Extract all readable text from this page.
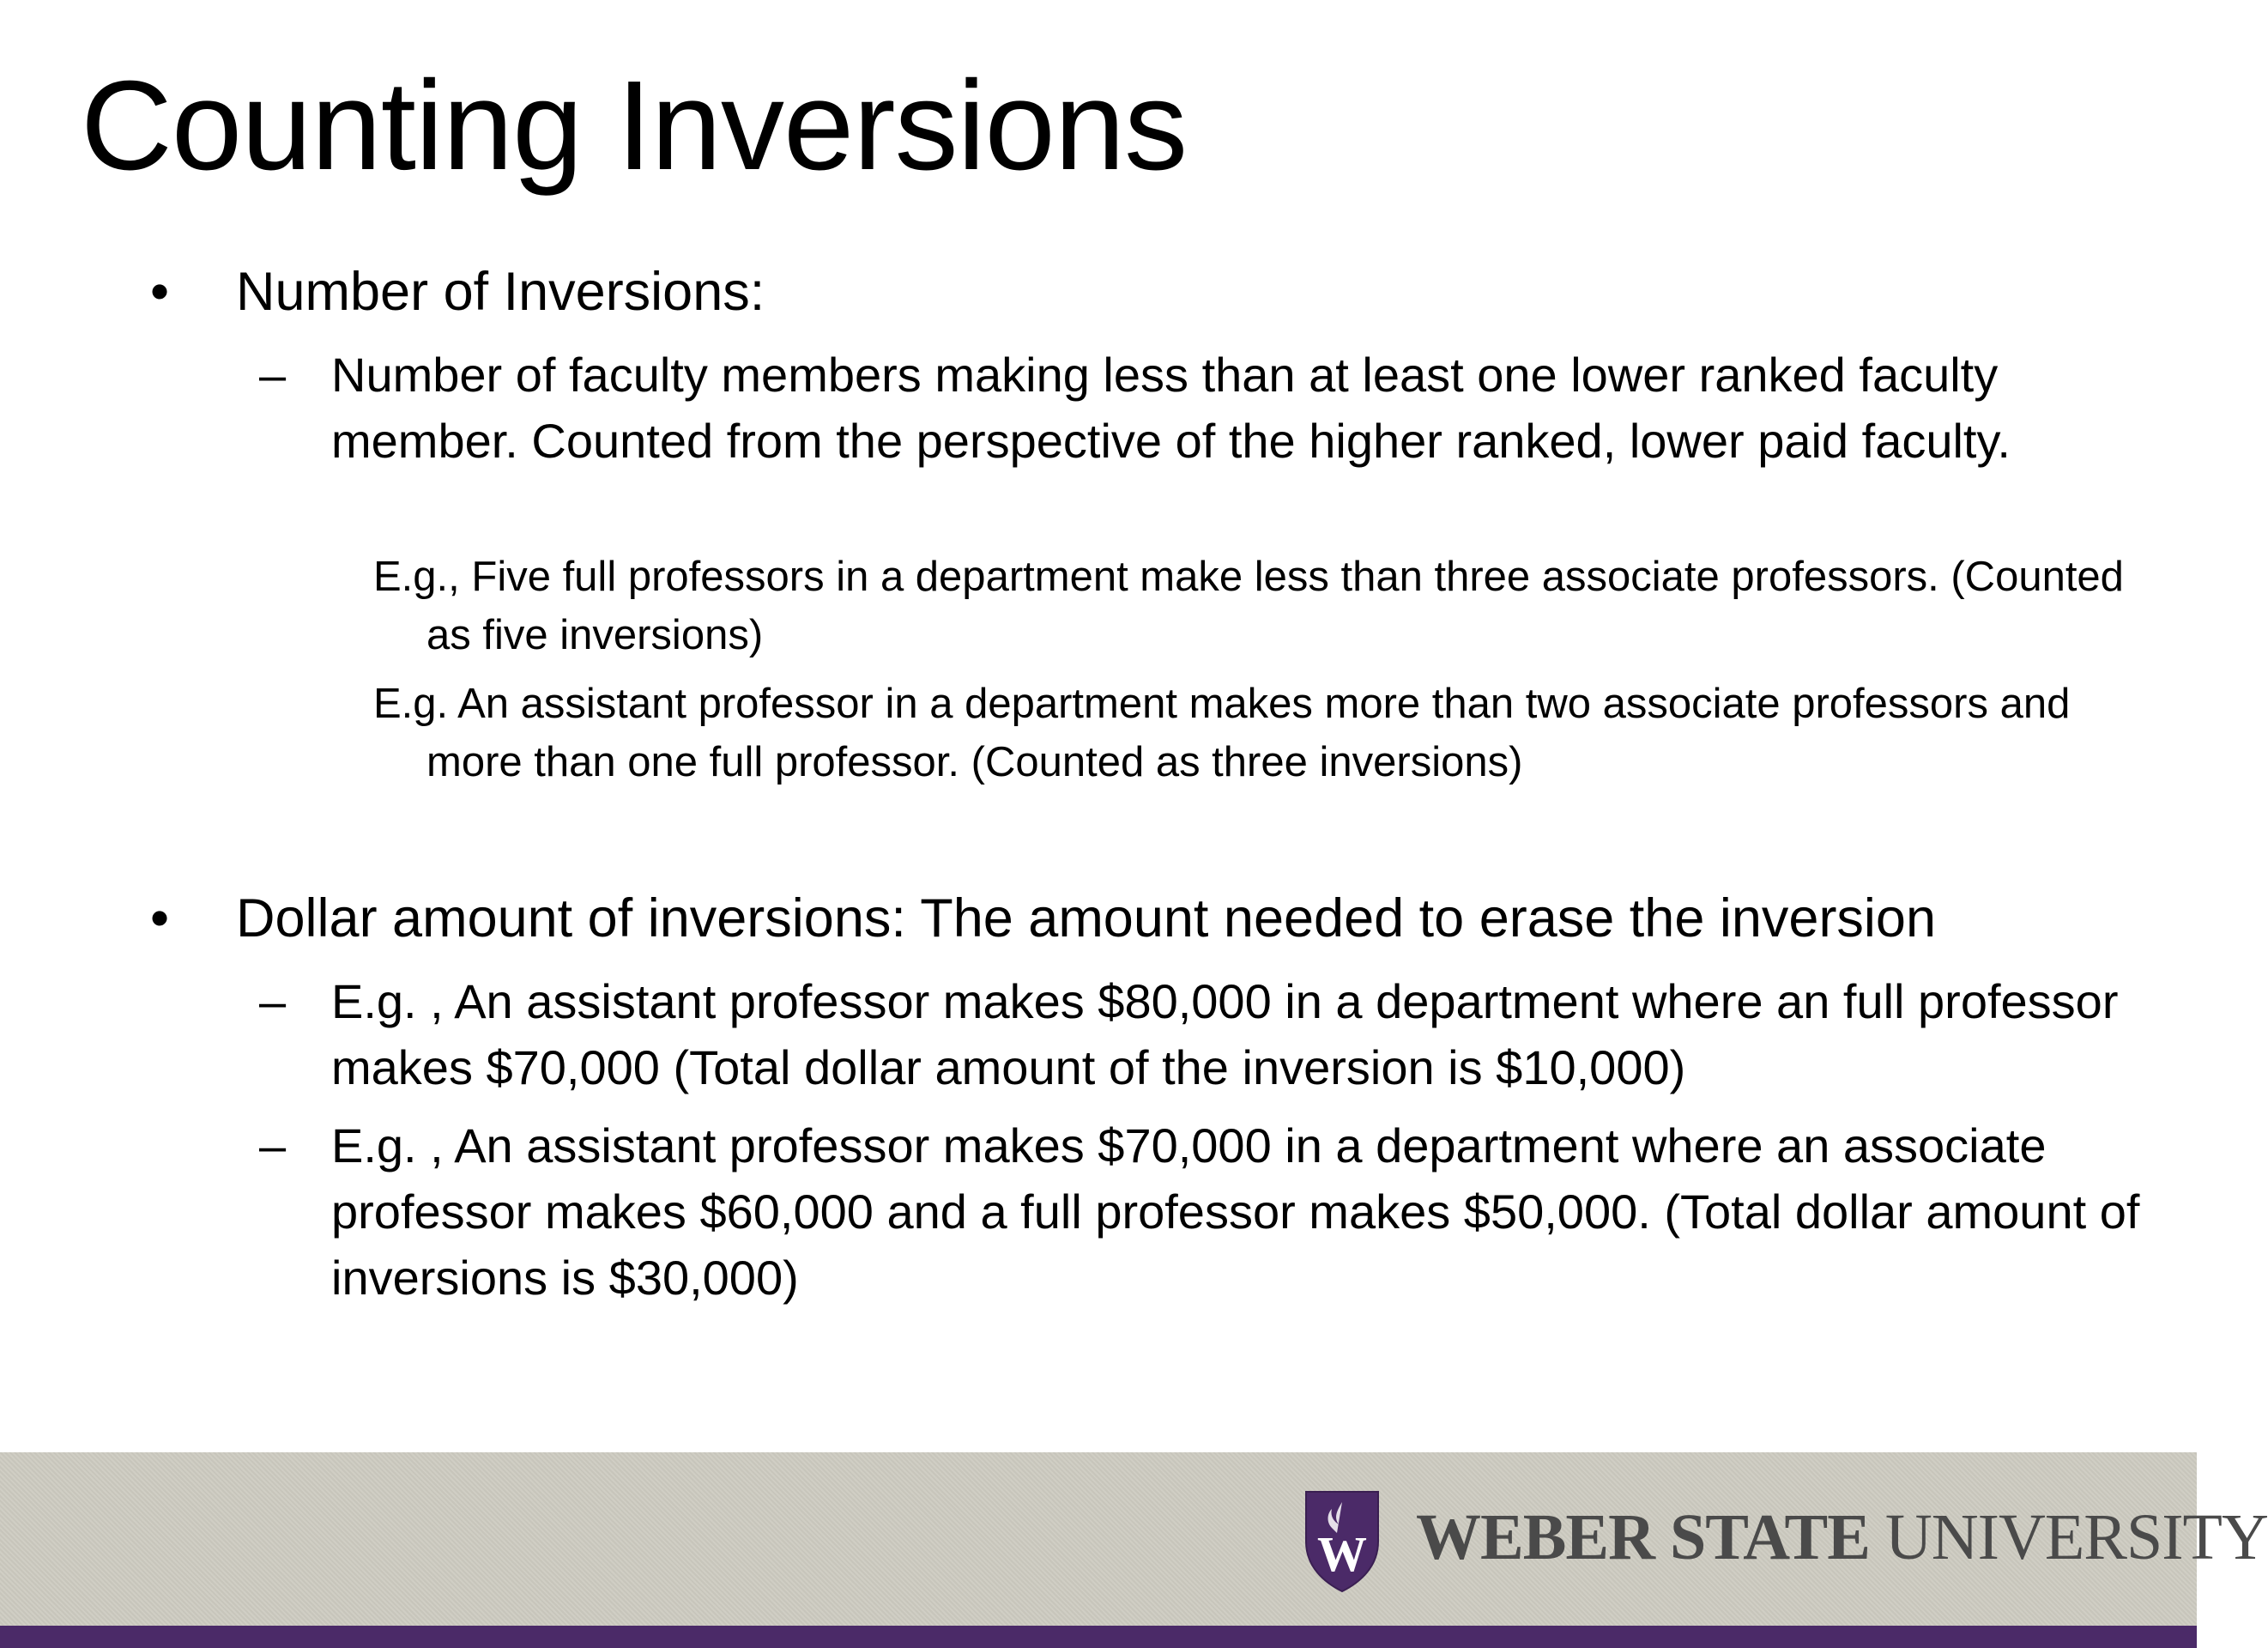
Counting Inversions
• Number of Inversions:
– Number of faculty members making less than at least one lower ranked faculty member. Counted from the perspective of the higher ranked, lower paid faculty.
E.g., Five full professors in a department make less than three associate professors. (Counted as five inversions)
E.g. An assistant professor in a department makes more than two associate professors and more than one full professor. (Counted as three inversions)
• Dollar amount of inversions: The amount needed to erase the inversion
– E.g. , An assistant professor makes $80,000 in a department where an full professor makes $70,000 (Total dollar amount of the inversion is $10,000)
– E.g. , An assistant professor makes $70,000 in a department where an associate professor makes $60,000 and a full professor makes $50,000. (Total dollar amount of inversions is $30,000)
W WEBER STATE UNIVERSITY
